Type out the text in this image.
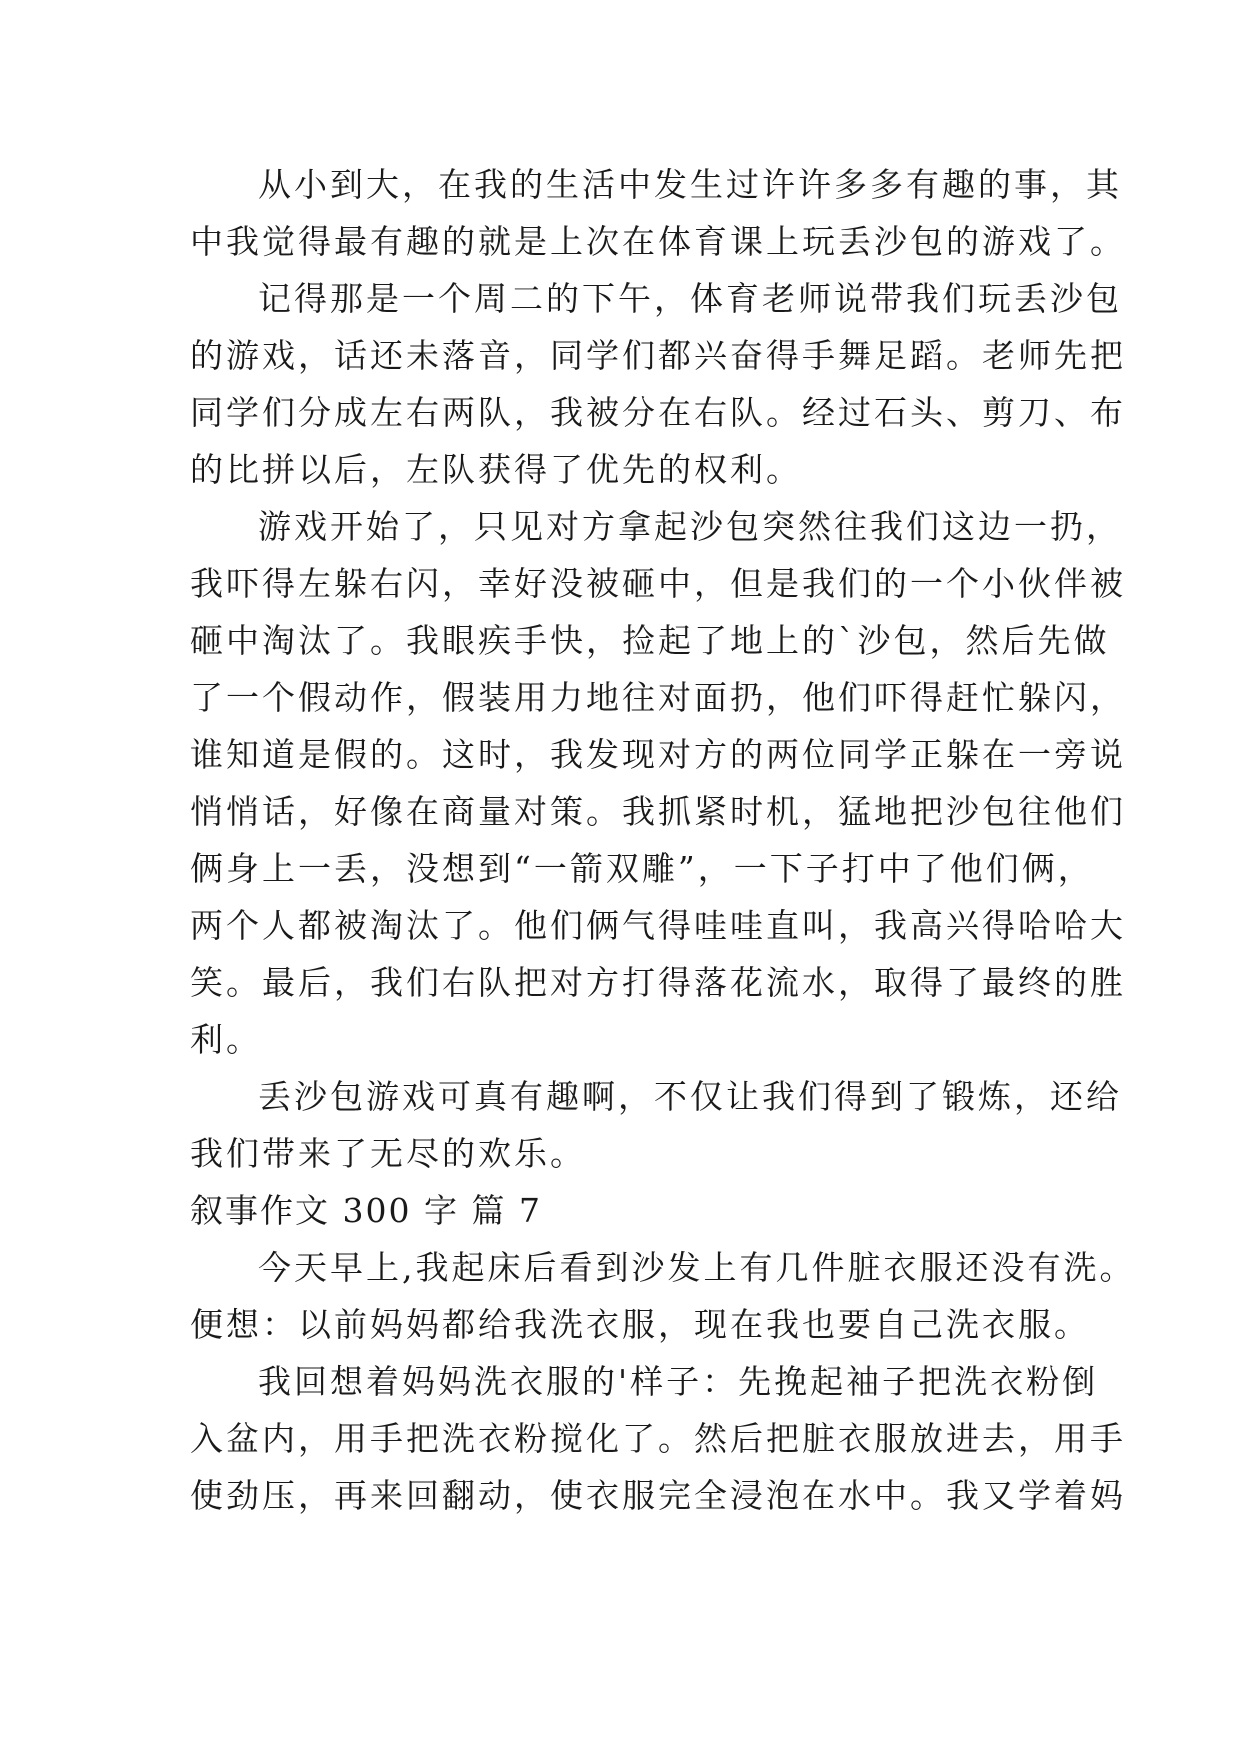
从小到大，在我的生活中发生过许许多多有趣的事，其
中我觉得最有趣的就是上次在体育课上玩丢沙包的游戏了。
记得那是一个周二的下午，体育老师说带我们玩丢沙包
的游戏，话还未落音，同学们都兴奋得手舞足蹈。老师先把
同学们分成左右两队，我被分在右队。经过石头、剪刀、布
的比拼以后，左队获得了优先的权利。
游戏开始了，只见对方拿起沙包突然往我们这边一扔，
我吓得左躲右闪，幸好没被砸中，但是我们的一个小伙伴被
砸中淘汰了。我眼疾手快，捡起了地上的`沙包，然后先做
了一个假动作，假装用力地往对面扔，他们吓得赶忙躲闪，
谁知道是假的。这时，我发现对方的两位同学正躲在一旁说
悄悄话，好像在商量对策。我抓紧时机，猛地把沙包往他们
俩身上一丢，没想到“一箭双雕”，一下子打中了他们俩，
两个人都被淘汰了。他们俩气得哇哇直叫，我高兴得哈哈大
笑。最后，我们右队把对方打得落花流水，取得了最终的胜
利。
丢沙包游戏可真有趣啊，不仅让我们得到了锻炼，还给
我们带来了无尽的欢乐。
叙事作文 300 字 篇 7
今天早上,我起床后看到沙发上有几件脏衣服还没有洗。
便想：以前妈妈都给我洗衣服，现在我也要自己洗衣服。
我回想着妈妈洗衣服的'样子：先挽起袖子把洗衣粉倒
入盆内，用手把洗衣粉搅化了。然后把脏衣服放进去，用手
使劲压，再来回翻动，使衣服完全浸泡在水中。我又学着妈
